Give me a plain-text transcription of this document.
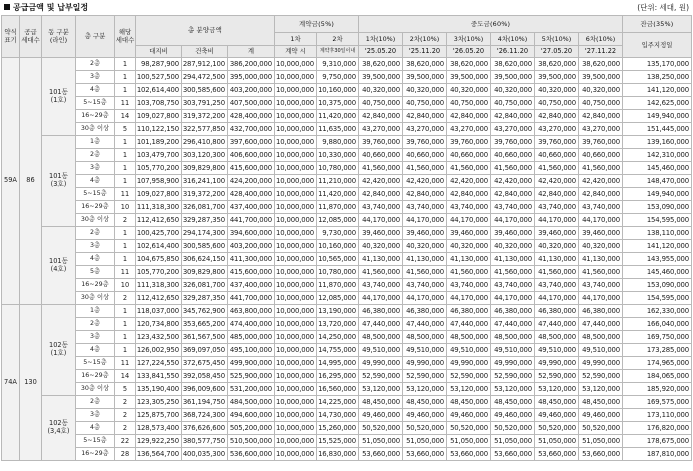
공급금액 및 납부일정	(단위: 세대, 원)
약식
표기	공급
세대수	동 구분
(라인)	층 구분	해당
세대수	총 분양금액			계약금(5%)		중도금(60%)						잔금(35%)
								1차	2차	1차(10%)	2차(10%)	3차(10%)	4차(10%)	5차(10%)	6차(10%)	입주지정일
					대지비	건축비	계	계약 시	계약후30일이내	'25.05.20	'25.11.20	'26.05.20	'26.11.20	'27.05.20	'27.11.22	
59A	86	101동
(1호)	2층	1	98,287,900	287,912,100	386,200,000	10,000,000	9,310,000	38,620,000	38,620,000	38,620,000	38,620,000	38,620,000	38,620,000	135,170,000
			3층	1	100,527,500	294,472,500	395,000,000	10,000,000	9,750,000	39,500,000	39,500,000	39,500,000	39,500,000	39,500,000	39,500,000	138,250,000
			4층	1	102,614,400	300,585,600	403,200,000	10,000,000	10,160,000	40,320,000	40,320,000	40,320,000	40,320,000	40,320,000	40,320,000	141,120,000
			5~15층	11	103,708,750	303,791,250	407,500,000	10,000,000	10,375,000	40,750,000	40,750,000	40,750,000	40,750,000	40,750,000	40,750,000	142,625,000
			16~29층	14	109,027,800	319,372,200	428,400,000	10,000,000	11,420,000	42,840,000	42,840,000	42,840,000	42,840,000	42,840,000	42,840,000	149,940,000
			30층 이상	5	110,122,150	322,577,850	432,700,000	10,000,000	11,635,000	43,270,000	43,270,000	43,270,000	43,270,000	43,270,000	43,270,000	151,445,000
		101동
(3호)	1층	1	101,189,200	296,410,800	397,600,000	10,000,000	9,880,000	39,760,000	39,760,000	39,760,000	39,760,000	39,760,000	39,760,000	139,160,000
			2층	1	103,479,700	303,120,300	406,600,000	10,000,000	10,330,000	40,660,000	40,660,000	40,660,000	40,660,000	40,660,000	40,660,000	142,310,000
			3층	1	105,770,200	309,829,800	415,600,000	10,000,000	10,780,000	41,560,000	41,560,000	41,560,000	41,560,000	41,560,000	41,560,000	145,460,000
			4층	1	107,958,900	316,241,100	424,200,000	10,000,000	11,210,000	42,420,000	42,420,000	42,420,000	42,420,000	42,420,000	42,420,000	148,470,000
			5~15층	11	109,027,800	319,372,200	428,400,000	10,000,000	11,420,000	42,840,000	42,840,000	42,840,000	42,840,000	42,840,000	42,840,000	149,940,000
			16~29층	10	111,318,300	326,081,700	437,400,000	10,000,000	11,870,000	43,740,000	43,740,000	43,740,000	43,740,000	43,740,000	43,740,000	153,090,000
			30층 이상	2	112,412,650	329,287,350	441,700,000	10,000,000	12,085,000	44,170,000	44,170,000	44,170,000	44,170,000	44,170,000	44,170,000	154,595,000
		101동
(4호)	2층	1	100,425,700	294,174,300	394,600,000	10,000,000	9,730,000	39,460,000	39,460,000	39,460,000	39,460,000	39,460,000	39,460,000	138,110,000
			3층	1	102,614,400	300,585,600	403,200,000	10,000,000	10,160,000	40,320,000	40,320,000	40,320,000	40,320,000	40,320,000	40,320,000	141,120,000
			4층	1	104,675,850	306,624,150	411,300,000	10,000,000	10,565,000	41,130,000	41,130,000	41,130,000	41,130,000	41,130,000	41,130,000	143,955,000
			5층	11	105,770,200	309,829,800	415,600,000	10,000,000	10,780,000	41,560,000	41,560,000	41,560,000	41,560,000	41,560,000	41,560,000	145,460,000
			16~29층	10	111,318,300	326,081,700	437,400,000	10,000,000	11,870,000	43,740,000	43,740,000	43,740,000	43,740,000	43,740,000	43,740,000	153,090,000
			30층 이상	2	112,412,650	329,287,350	441,700,000	10,000,000	12,085,000	44,170,000	44,170,000	44,170,000	44,170,000	44,170,000	44,170,000	154,595,000
74A	130	102동
(1호)	1층	1	118,037,000	345,762,900	463,800,000	10,000,000	13,190,000	46,380,000	46,380,000	46,380,000	46,380,000	46,380,000	46,380,000	162,330,000
			2층	1	120,734,800	353,665,200	474,400,000	10,000,000	13,720,000	47,440,000	47,440,000	47,440,000	47,440,000	47,440,000	47,440,000	166,040,000
			3층	1	123,432,500	361,567,500	485,000,000	10,000,000	14,250,000	48,500,000	48,500,000	48,500,000	48,500,000	48,500,000	48,500,000	169,750,000
			4층	1	126,002,950	369,097,050	495,100,000	10,000,000	14,755,000	49,510,000	49,510,000	49,510,000	49,510,000	49,510,000	49,510,000	173,285,000
			5~15층	11	127,224,550	372,675,450	499,900,000	10,000,000	14,995,000	49,990,000	49,990,000	49,990,000	49,990,000	49,990,000	49,990,000	174,965,000
			16~29층	14	133,841,550	392,058,450	525,900,000	10,000,000	16,295,000	52,590,000	52,590,000	52,590,000	52,590,000	52,590,000	52,590,000	184,065,000
			30층 이상	5	135,190,400	396,009,600	531,200,000	10,000,000	16,560,000	53,120,000	53,120,000	53,120,000	53,120,000	53,120,000	53,120,000	185,920,000
		102동
(3,4호)	2층	2	123,305,250	361,194,750	484,500,000	10,000,000	14,225,000	48,450,000	48,450,000	48,450,000	48,450,000	48,450,000	48,450,000	169,575,000
			3층	2	125,875,700	368,724,300	494,600,000	10,000,000	14,730,000	49,460,000	49,460,000	49,460,000	49,460,000	49,460,000	49,460,000	173,110,000
			4층	2	128,573,400	376,626,600	505,200,000	10,000,000	15,260,000	50,520,000	50,520,000	50,520,000	50,520,000	50,520,000	50,520,000	176,820,000
			5~15층	22	129,922,250	380,577,750	510,500,000	10,000,000	15,525,000	51,050,000	51,050,000	51,050,000	51,050,000	51,050,000	51,050,000	178,675,000
			16~29층	28	136,564,700	400,035,300	536,600,000	10,000,000	16,830,000	53,660,000	53,660,000	53,660,000	53,660,000	53,660,000	53,660,000	187,810,000
